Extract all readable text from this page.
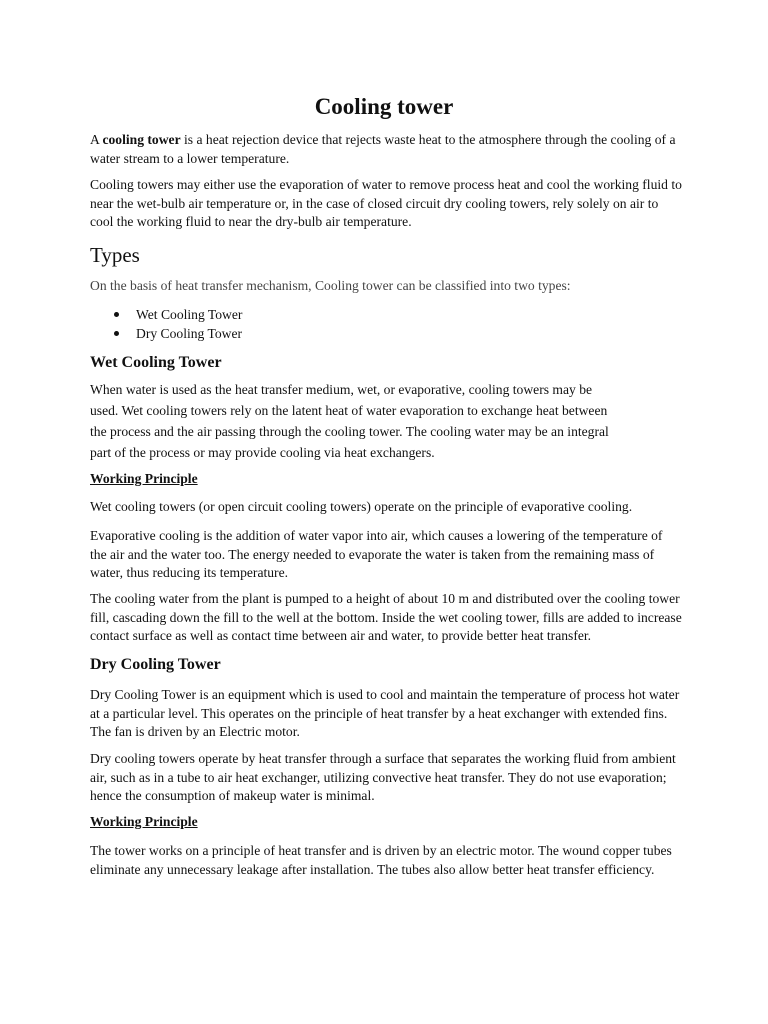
Cooling tower

A cooling tower is a heat rejection device that rejects waste heat to the atmosphere through the cooling of a water stream to a lower temperature.

Cooling towers may either use the evaporation of water to remove process heat and cool the working fluid to near the wet-bulb air temperature or, in the case of closed circuit dry cooling towers, rely solely on air to cool the working fluid to near the dry-bulb air temperature.

Types

On the basis of heat transfer mechanism, Cooling tower can be classified into two types:

Wet Cooling Tower
Dry Cooling Tower
Wet Cooling Tower

When water is used as the heat transfer medium, wet, or evaporative, cooling towers may be used. Wet cooling towers rely on the latent heat of water evaporation to exchange heat between the process and the air passing through the cooling tower. The cooling water may be an integral part of the process or may provide cooling via heat exchangers.

Working Principle

Wet cooling towers (or open circuit cooling towers) operate on the principle of evaporative cooling.

Evaporative cooling is the addition of water vapor into air, which causes a lowering of the temperature of the air and the water too. The energy needed to evaporate the water is taken from the remaining mass of water, thus reducing its temperature.

The cooling water from the plant is pumped to a height of about 10 m and distributed over the cooling tower fill, cascading down the fill to the well at the bottom. Inside the wet cooling tower, fills are added to increase contact surface as well as contact time between air and water, to provide better heat transfer.

Dry Cooling Tower

Dry Cooling Tower is an equipment which is used to cool and maintain the temperature of process hot water at a particular level. This operates on the principle of heat transfer by a heat exchanger with extended fins. The fan is driven by an Electric motor.

Dry cooling towers operate by heat transfer through a surface that separates the working fluid from ambient air, such as in a tube to air heat exchanger, utilizing convective heat transfer. They do not use evaporation; hence the consumption of makeup water is minimal.

Working Principle

The tower works on a principle of heat transfer and is driven by an electric motor. The wound copper tubes eliminate any unnecessary leakage after installation. The tubes also allow better heat transfer efficiency.
